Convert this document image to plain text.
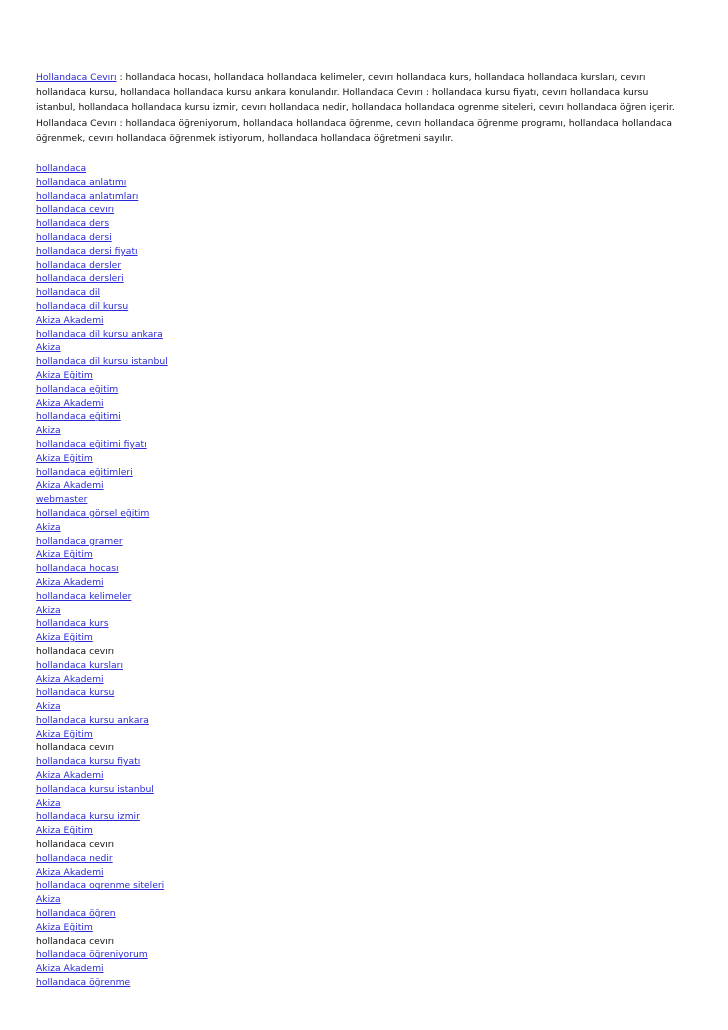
Hollandaca Cevırı : hollandaca hocası, hollandaca hollandaca kelimeler, cevırı hollandaca kurs, hollandaca hollandaca kursları, cevırı hollandaca kursu, hollandaca hollandaca kursu ankara konulandır. Hollandaca Cevırı : hollandaca kursu fiyatı, cevırı hollandaca kursu istanbul, hollandaca hollandaca kursu izmir, cevırı hollandaca nedir, hollandaca hollandaca ogrenme siteleri, cevırı hollandaca öğren içerir. Hollandaca Cevırı : hollandaca öğreniyorum, hollandaca hollandaca öğrenme, cevırı hollandaca öğrenme programı, hollandaca hollandaca öğrenmek, cevırı hollandaca öğrenmek istiyorum, hollandaca hollandaca öğretmeni sayılır.

hollandaca
hollandaca anlatımı
hollandaca anlatımları
hollandaca cevırı
hollandaca ders
hollandaca dersi
hollandaca dersi fiyatı
hollandaca dersler
hollandaca dersleri
hollandaca dil
hollandaca dil kursu
Akiza Akademi
hollandaca dil kursu ankara
Akiza
hollandaca dil kursu istanbul
Akiza Eğitim
hollandaca eğitim
Akiza Akademi
hollandaca eğitimi
Akiza
hollandaca eğitimi fiyatı
Akiza Eğitim
hollandaca eğitimleri
Akiza Akademi
webmaster
hollandaca görsel eğitim
Akiza
hollandaca gramer
Akiza Eğitim
hollandaca hocası
Akiza Akademi
hollandaca kelimeler
Akiza
hollandaca kurs
Akiza Eğitim
hollandaca cevırı
hollandaca kursları
Akiza Akademi
hollandaca kursu
Akiza
hollandaca kursu ankara
Akiza Eğitim
hollandaca cevırı
hollandaca kursu fiyatı
Akiza Akademi
hollandaca kursu istanbul
Akiza
hollandaca kursu izmir
Akiza Eğitim
hollandaca cevırı
hollandaca nedir
Akiza Akademi
hollandaca ogrenme siteleri
Akiza
hollandaca öğren
Akiza Eğitim
hollandaca cevırı
hollandaca öğreniyorum
Akiza Akademi
hollandaca öğrenme
